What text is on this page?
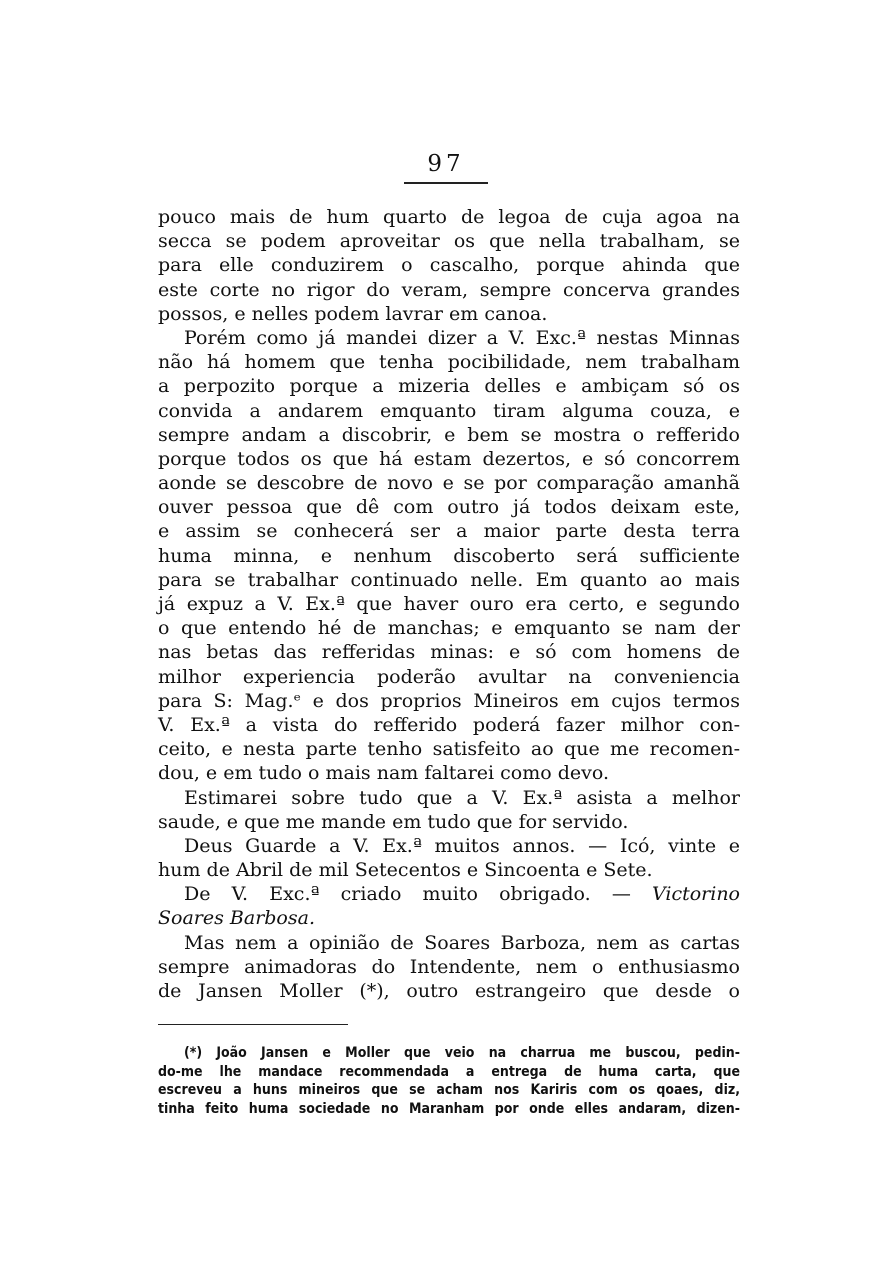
97
pouco mais de hum quarto de legoa de cuja agoa na
secca se podem aproveitar os que nella trabalham, se
para elle conduzirem o cascalho, porque ahinda que
este corte no rigor do veram, sempre concerva grandes
possos, e nelles podem lavrar em canoa.
Porém como já mandei dizer a V. Exc.ª nestas Minnas
não há homem que tenha pocibilidade, nem trabalham
a perpozito porque a mizeria delles e ambiçam só os
convida a andarem emquanto tiram alguma couza, e
sempre andam a discobrir, e bem se mostra o refferido
porque todos os que há estam dezertos, e só concorrem
aonde se descobre de novo e se por comparação amanhã
ouver pessoa que dê com outro já todos deixam este,
e assim se conhecerá ser a maior parte desta terra
huma minna, e nenhum discoberto será sufficiente
para se trabalhar continuado nelle. Em quanto ao mais
já expuz a V. Ex.ª que haver ouro era certo, e segundo
o que entendo hé de manchas; e emquanto se nam der
nas betas das refferidas minas: e só com homens de
milhor experiencia poderão avultar na conveniencia
para S: Mag.ᵉ e dos proprios Mineiros em cujos termos
V. Ex.ª a vista do refferido poderá fazer milhor con-
ceito, e nesta parte tenho satisfeito ao que me recomen-
dou, e em tudo o mais nam faltarei como devo.
Estimarei sobre tudo que a V. Ex.ª asista a melhor
saude, e que me mande em tudo que for servido.
Deus Guarde a V. Ex.ª muitos annos. — Icó, vinte e
hum de Abril de mil Setecentos e Sincoenta e Sete.
De V. Exc.ª criado muito obrigado. — Victorino
Soares Barbosa.
Mas nem a opinião de Soares Barboza, nem as cartas
sempre animadoras do Intendente, nem o enthusiasmo
de Jansen Moller (*), outro estrangeiro que desde o
(*) João Jansen e Moller que veio na charrua me buscou, pedin-
do-me lhe mandace recommendada a entrega de huma carta, que
escreveu a huns mineiros que se acham nos Kariris com os qoaes, diz,
tinha feito huma sociedade no Maranham por onde elles andaram, dizen-
